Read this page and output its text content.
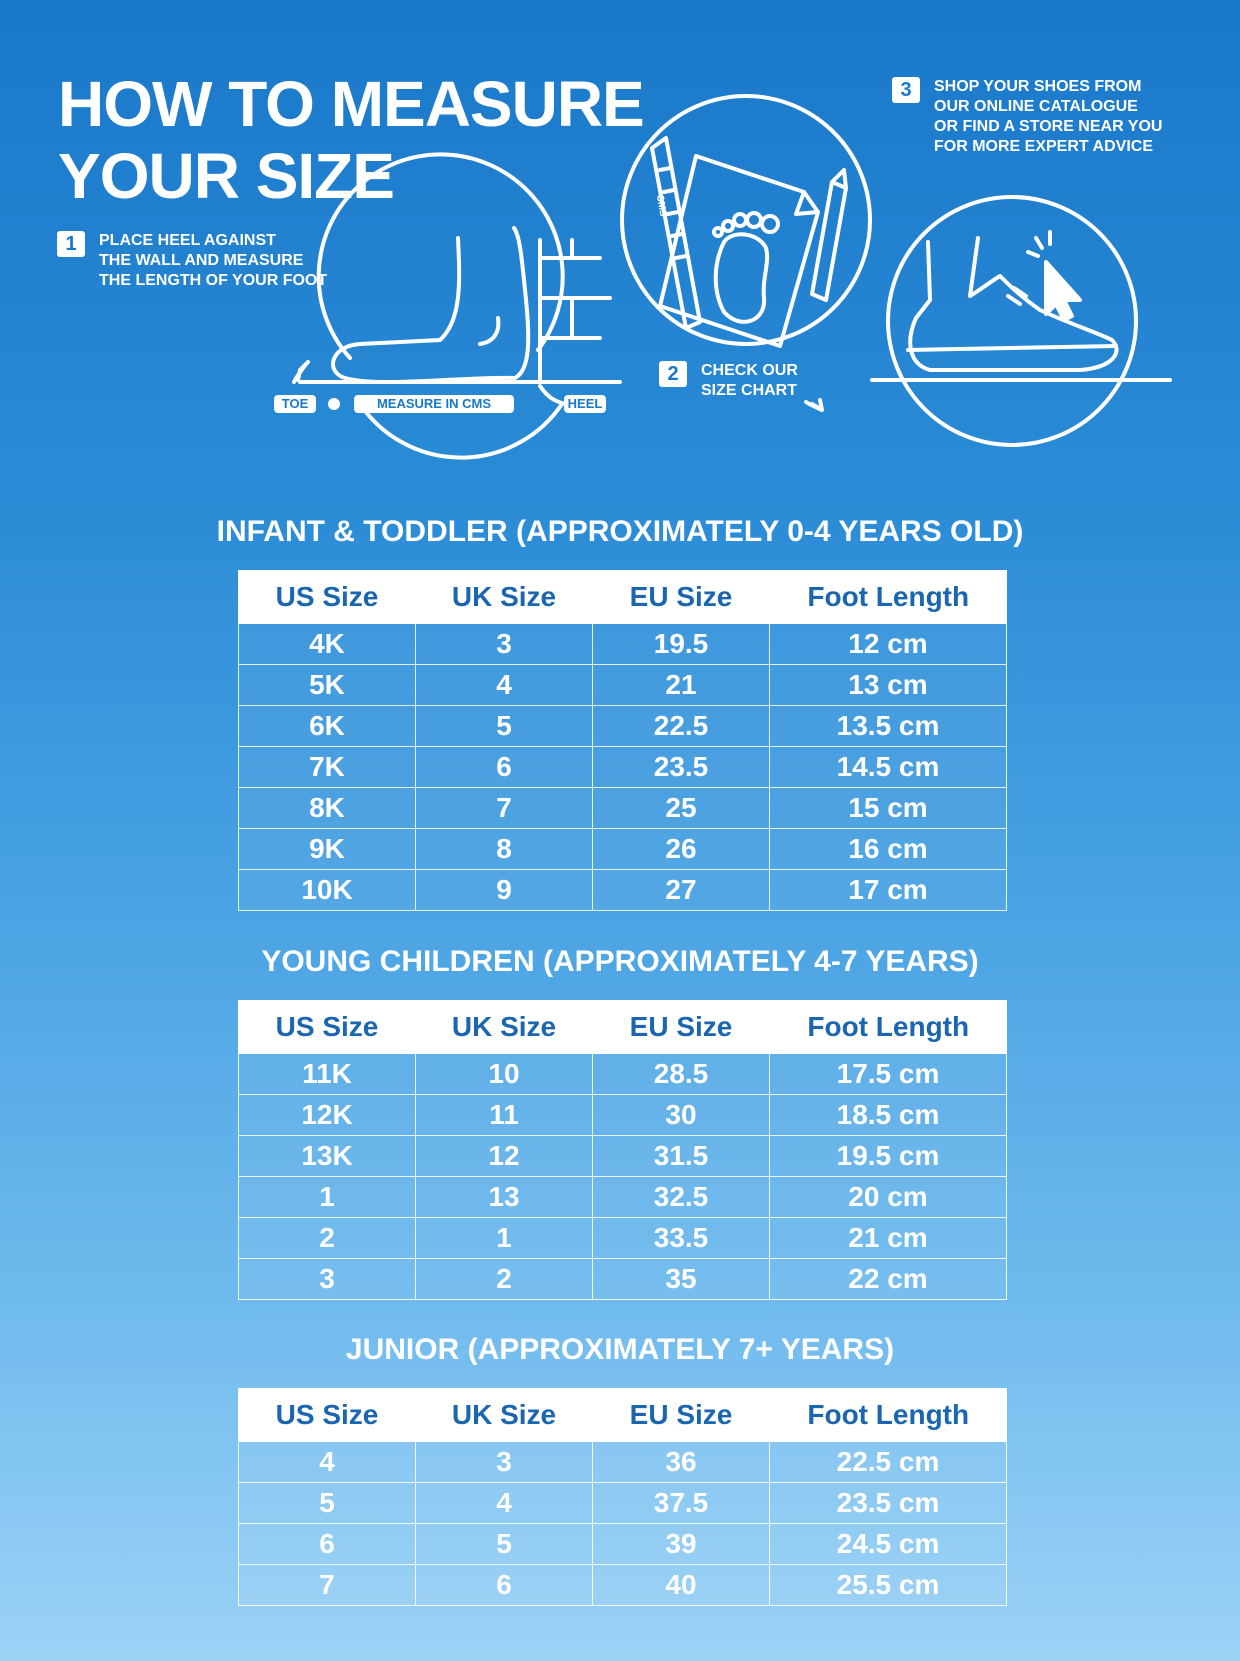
HOW TO MEASURE
YOUR SIZE
1	PLACE HEEL AGAINST
THE WALL AND MEASURE
THE LENGTH OF YOUR FOOT
2	CHECK OUR
SIZE CHART
3	SHOP YOUR SHOES FROM
OUR ONLINE CATALOGUE
OR FIND A STORE NEAR YOU
FOR MORE EXPERT ADVICE
TOE	MEASURE IN CMS	HEEL
CMS
INFANT & TODDLER (APPROXIMATELY 0-4 YEARS OLD)
US Size	UK Size	EU Size	Foot Length
4K	3	19.5	12 cm
5K	4	21	13 cm
6K	5	22.5	13.5 cm
7K	6	23.5	14.5 cm
8K	7	25	15 cm
9K	8	26	16 cm
10K	9	27	17 cm
YOUNG CHILDREN (APPROXIMATELY 4-7 YEARS)
US Size	UK Size	EU Size	Foot Length
11K	10	28.5	17.5 cm
12K	11	30	18.5 cm
13K	12	31.5	19.5 cm
1	13	32.5	20 cm
2	1	33.5	21 cm
3	2	35	22 cm
JUNIOR (APPROXIMATELY 7+ YEARS)
US Size	UK Size	EU Size	Foot Length
4	3	36	22.5 cm
5	4	37.5	23.5 cm
6	5	39	24.5 cm
7	6	40	25.5 cm
